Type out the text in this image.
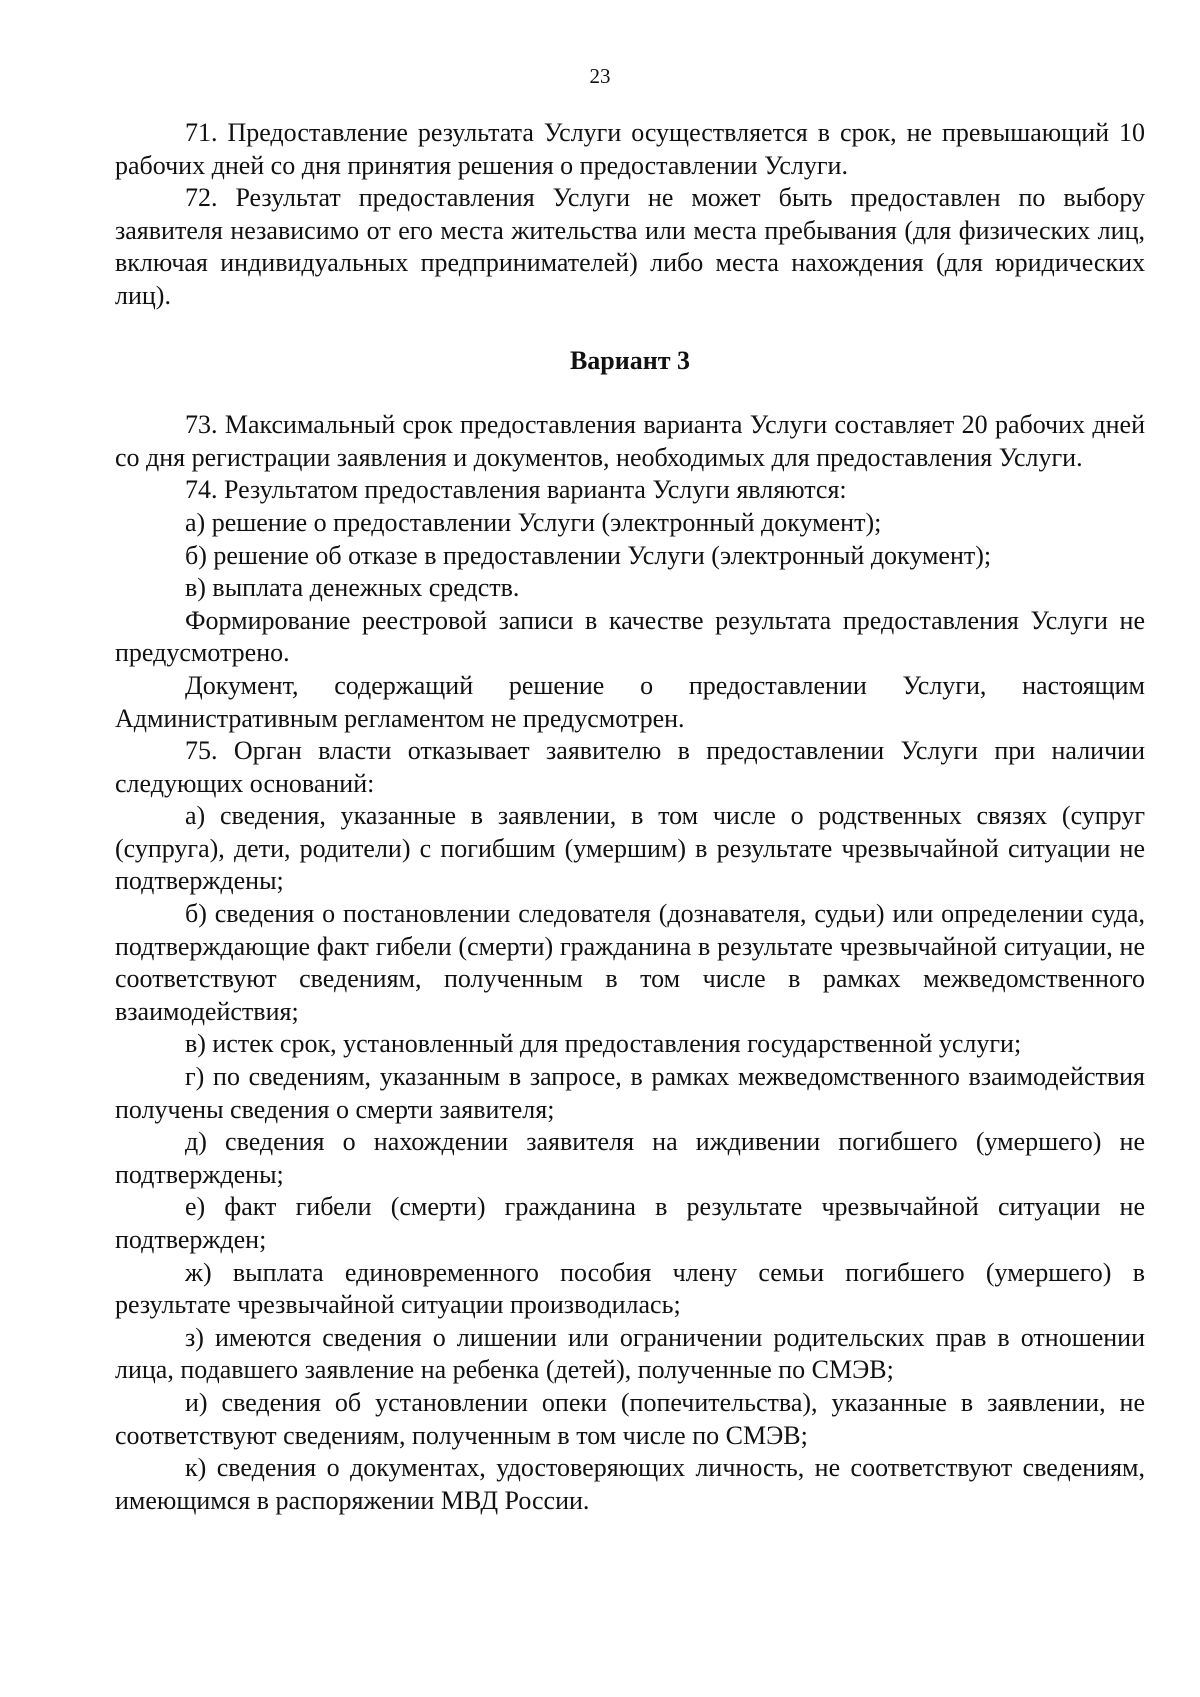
23

71. Предоставление результата Услуги осуществляется в срок, не превышающий 10 рабочих дней со дня принятия решения о предоставлении Услуги.

72. Результат предоставления Услуги не может быть предоставлен по выбору заявителя независимо от его места жительства или места пребывания (для физических лиц, включая индивидуальных предпринимателей) либо места нахождения (для юридических лиц).

Вариант 3

73. Максимальный срок предоставления варианта Услуги составляет 20 рабочих дней со дня регистрации заявления и документов, необходимых для предоставления Услуги.

74. Результатом предоставления варианта Услуги являются:

а) решение о предоставлении Услуги (электронный документ);

б) решение об отказе в предоставлении Услуги (электронный документ);

в) выплата денежных средств.

Формирование реестровой записи в качестве результата предоставления Услуги не предусмотрено.

Документ, содержащий решение о предоставлении Услуги, настоящим Административным регламентом не предусмотрен.

75. Орган власти отказывает заявителю в предоставлении Услуги при наличии следующих оснований:

а) сведения, указанные в заявлении, в том числе о родственных связях (супруг (супруга), дети, родители) с погибшим (умершим) в результате чрезвычайной ситуации не подтверждены;

б) сведения о постановлении следователя (дознавателя, судьи) или определении суда, подтверждающие факт гибели (смерти) гражданина в результате чрезвычайной ситуации, не соответствуют сведениям, полученным в том числе в рамках межведомственного взаимодействия;

в) истек срок, установленный для предоставления государственной услуги;

г) по сведениям, указанным в запросе, в рамках межведомственного взаимодействия получены сведения о смерти заявителя;

д) сведения о нахождении заявителя на иждивении погибшего (умершего) не подтверждены;

е) факт гибели (смерти) гражданина в результате чрезвычайной ситуации не подтвержден;

ж) выплата единовременного пособия члену семьи погибшего (умершего) в результате чрезвычайной ситуации производилась;

з) имеются сведения о лишении или ограничении родительских прав в отношении лица, подавшего заявление на ребенка (детей), полученные по СМЭВ;

и) сведения об установлении опеки (попечительства), указанные в заявлении, не соответствуют сведениям, полученным в том числе по СМЭВ;

к) сведения о документах, удостоверяющих личность, не соответствуют сведениям, имеющимся в распоряжении МВД России.
